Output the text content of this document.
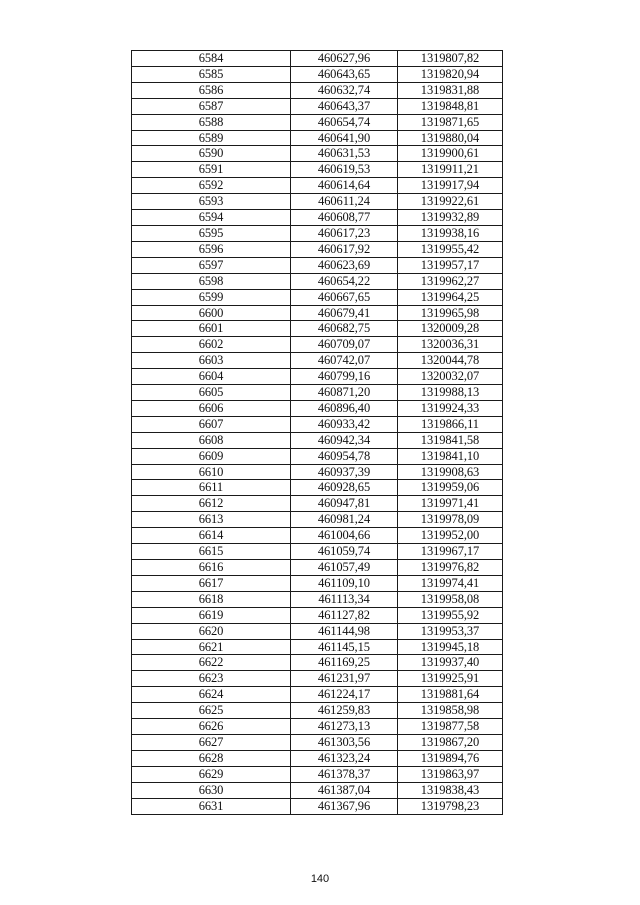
6584	460627,96	1319807,82
6585	460643,65	1319820,94
6586	460632,74	1319831,88
6587	460643,37	1319848,81
6588	460654,74	1319871,65
6589	460641,90	1319880,04
6590	460631,53	1319900,61
6591	460619,53	1319911,21
6592	460614,64	1319917,94
6593	460611,24	1319922,61
6594	460608,77	1319932,89
6595	460617,23	1319938,16
6596	460617,92	1319955,42
6597	460623,69	1319957,17
6598	460654,22	1319962,27
6599	460667,65	1319964,25
6600	460679,41	1319965,98
6601	460682,75	1320009,28
6602	460709,07	1320036,31
6603	460742,07	1320044,78
6604	460799,16	1320032,07
6605	460871,20	1319988,13
6606	460896,40	1319924,33
6607	460933,42	1319866,11
6608	460942,34	1319841,58
6609	460954,78	1319841,10
6610	460937,39	1319908,63
6611	460928,65	1319959,06
6612	460947,81	1319971,41
6613	460981,24	1319978,09
6614	461004,66	1319952,00
6615	461059,74	1319967,17
6616	461057,49	1319976,82
6617	461109,10	1319974,41
6618	461113,34	1319958,08
6619	461127,82	1319955,92
6620	461144,98	1319953,37
6621	461145,15	1319945,18
6622	461169,25	1319937,40
6623	461231,97	1319925,91
6624	461224,17	1319881,64
6625	461259,83	1319858,98
6626	461273,13	1319877,58
6627	461303,56	1319867,20
6628	461323,24	1319894,76
6629	461378,37	1319863,97
6630	461387,04	1319838,43
6631	461367,96	1319798,23
140
